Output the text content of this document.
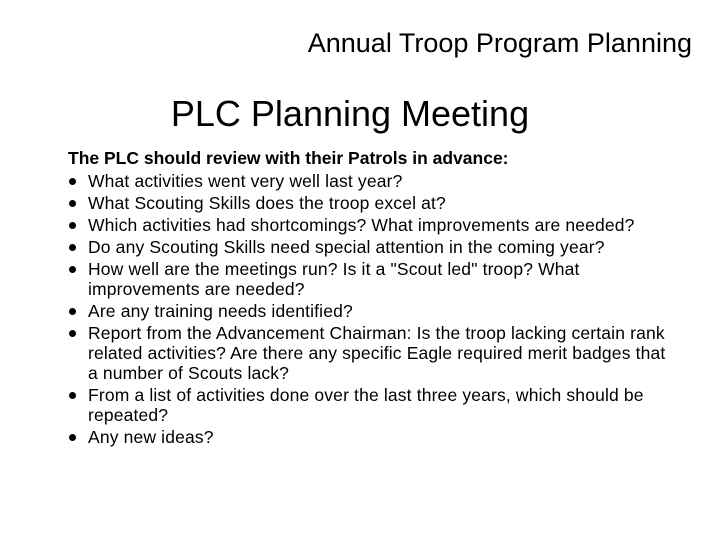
Annual Troop Program Planning
PLC Planning Meeting
The PLC should review with their Patrols in advance:
What activities went very well last year?
What Scouting Skills does the troop excel at?
Which activities had shortcomings? What improvements are needed?
Do any Scouting Skills need special attention in the coming year?
How well are the meetings run? Is it a "Scout led" troop? What improvements are needed?
Are any training needs identified?
Report from the Advancement Chairman: Is the troop lacking certain rank related activities? Are there any specific Eagle required merit badges that a number of Scouts lack?
From a list of activities done over the last three years, which should be repeated?
Any new ideas?
